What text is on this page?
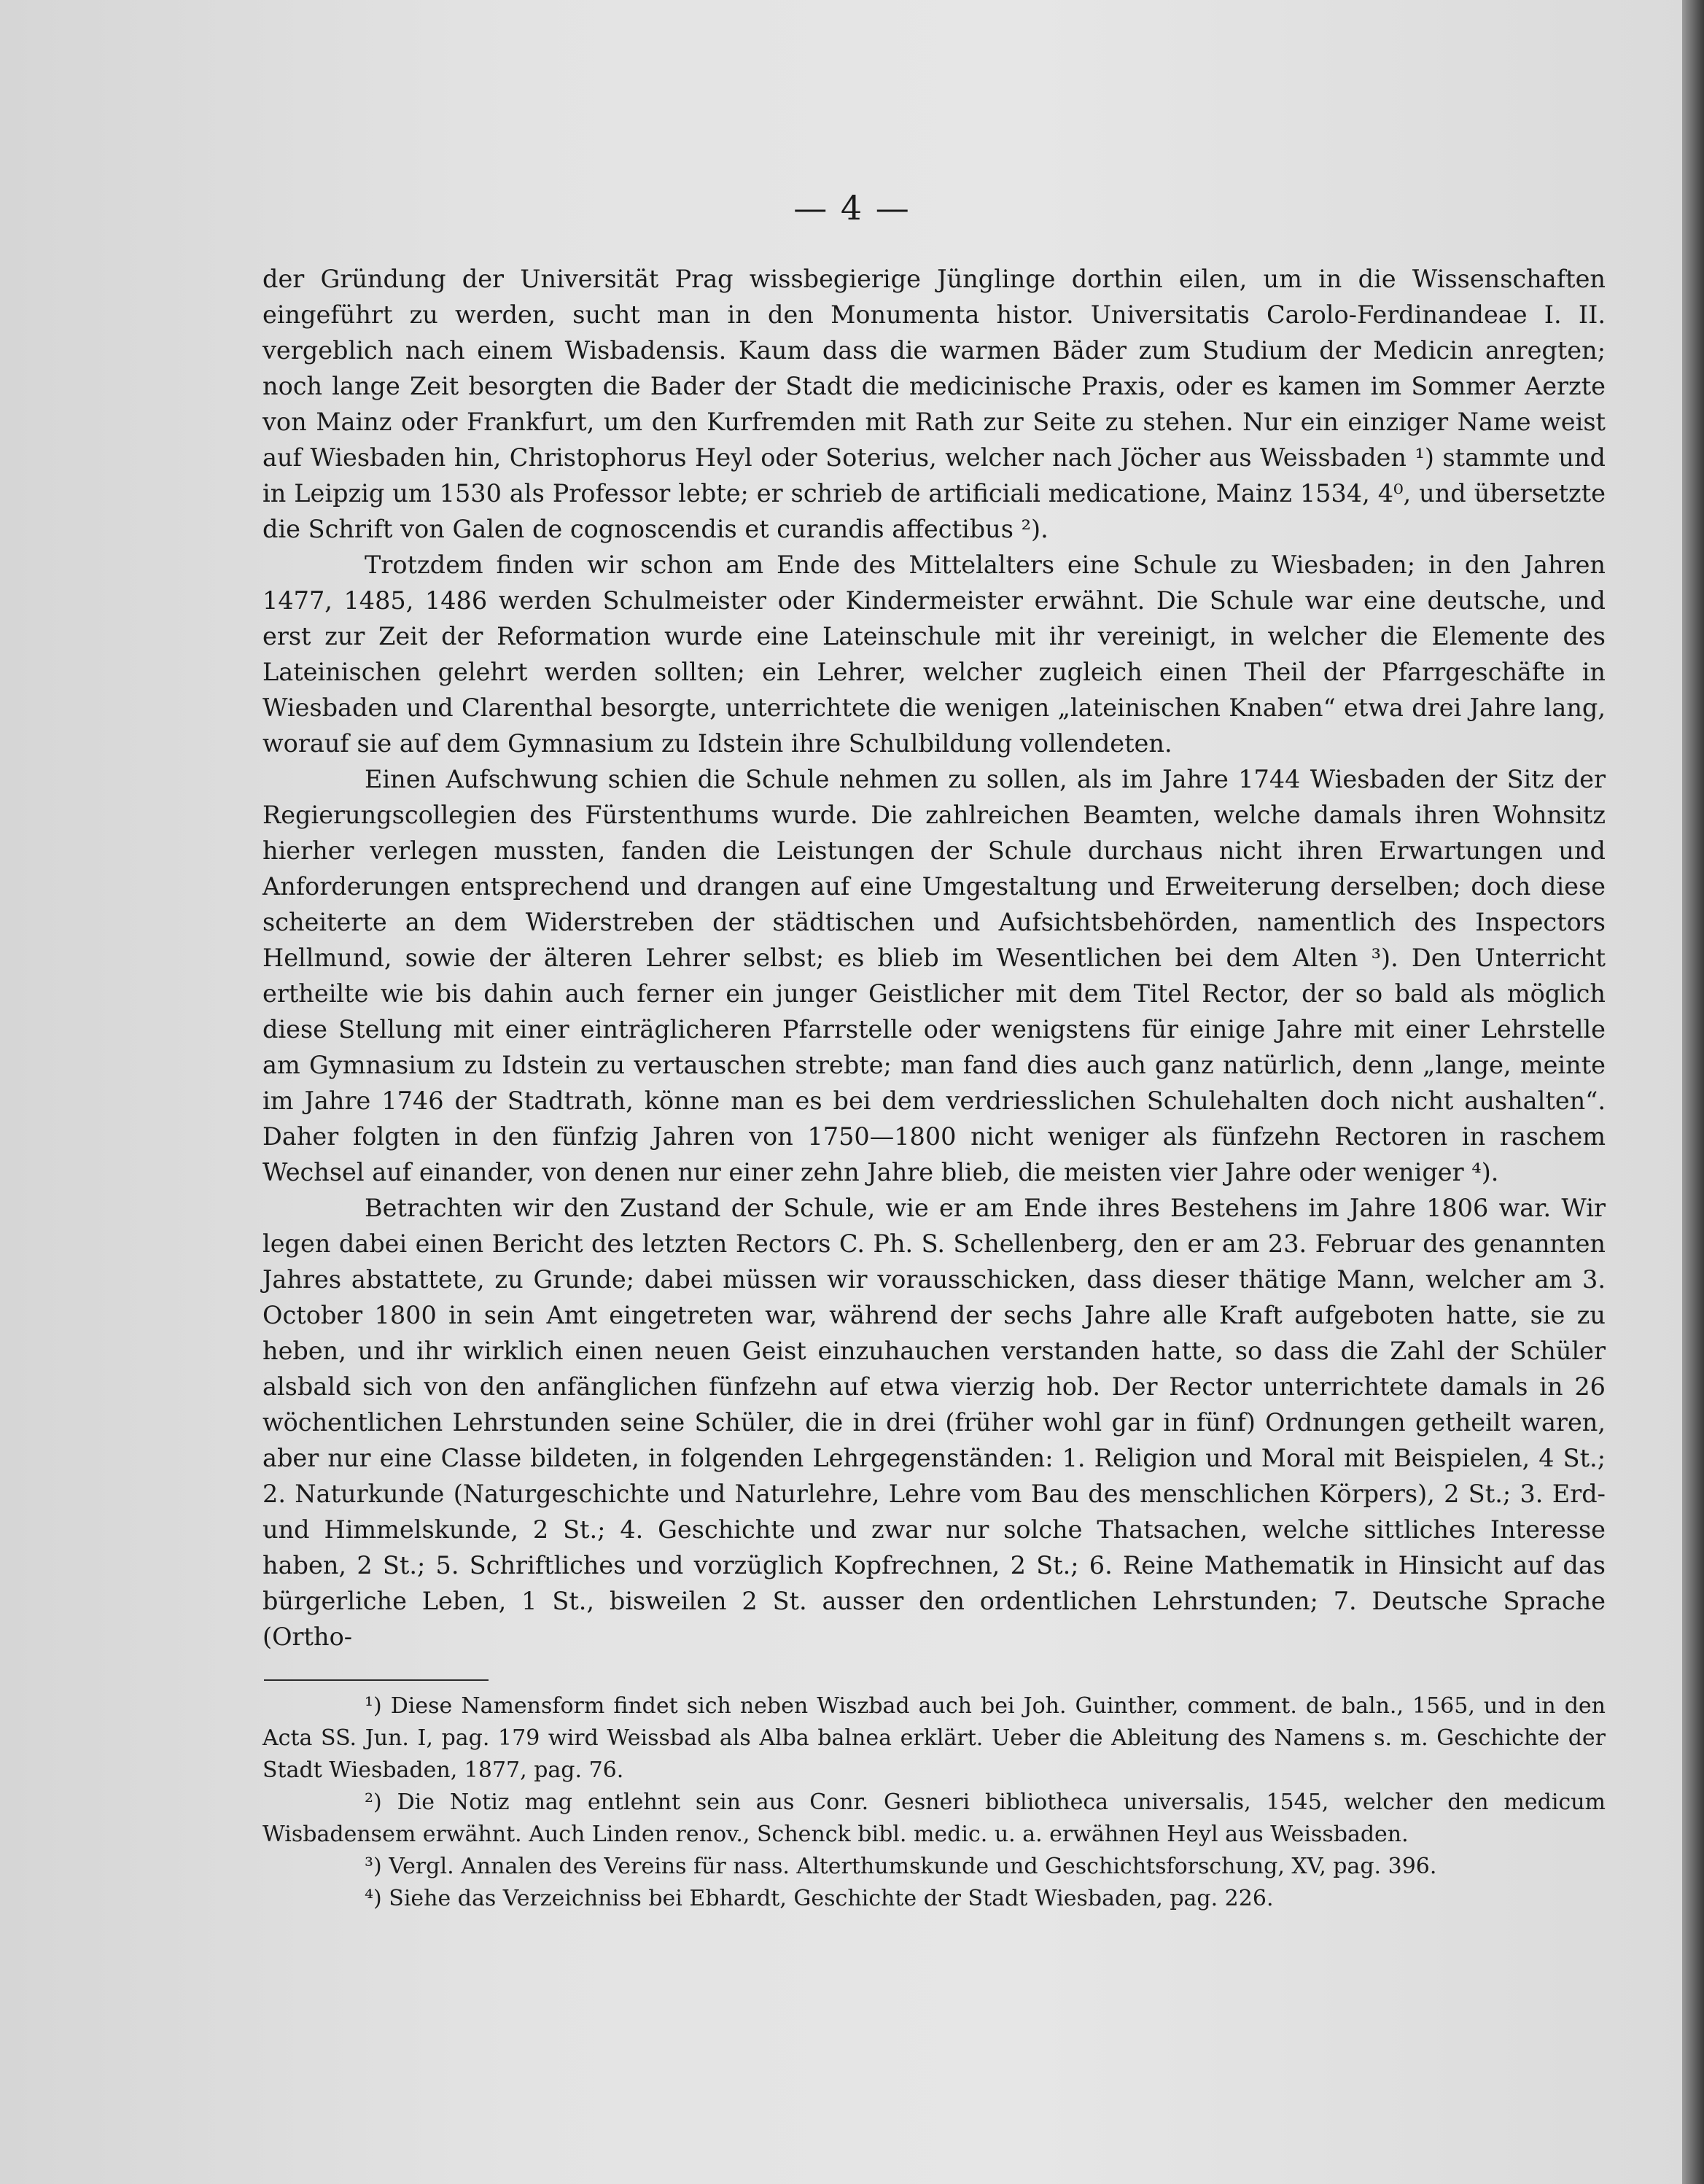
— 4 —

der Gründung der Universität Prag wissbegierige Jünglinge dorthin eilen, um in die Wissenschaften eingeführt zu werden, sucht man in den Monumenta histor. Universitatis Carolo-Ferdinandeae I. II. vergeblich nach einem Wisbadensis. Kaum dass die warmen Bäder zum Studium der Medicin anregten; noch lange Zeit besorgten die Bader der Stadt die medicinische Praxis, oder es kamen im Sommer Aerzte von Mainz oder Frankfurt, um den Kurfremden mit Rath zur Seite zu stehen. Nur ein einziger Name weist auf Wiesbaden hin, Christophorus Heyl oder Soterius, welcher nach Jöcher aus Weissbaden ¹) stammte und in Leipzig um 1530 als Professor lebte; er schrieb de artificiali medicatione, Mainz 1534, 4⁰, und übersetzte die Schrift von Galen de cognoscendis et curandis affectibus ²).

Trotzdem finden wir schon am Ende des Mittelalters eine Schule zu Wiesbaden; in den Jahren 1477, 1485, 1486 werden Schulmeister oder Kindermeister erwähnt. Die Schule war eine deutsche, und erst zur Zeit der Reformation wurde eine Lateinschule mit ihr vereinigt, in welcher die Elemente des Lateinischen gelehrt werden sollten; ein Lehrer, welcher zugleich einen Theil der Pfarrgeschäfte in Wiesbaden und Clarenthal besorgte, unterrichtete die wenigen „lateinischen Knaben“ etwa drei Jahre lang, worauf sie auf dem Gymnasium zu Idstein ihre Schulbildung vollendeten.

Einen Aufschwung schien die Schule nehmen zu sollen, als im Jahre 1744 Wiesbaden der Sitz der Regierungscollegien des Fürstenthums wurde. Die zahlreichen Beamten, welche damals ihren Wohnsitz hierher verlegen mussten, fanden die Leistungen der Schule durchaus nicht ihren Erwartungen und Anforderungen entsprechend und drangen auf eine Umgestaltung und Erweiterung derselben; doch diese scheiterte an dem Widerstreben der städtischen und Aufsichtsbehörden, namentlich des Inspectors Hellmund, sowie der älteren Lehrer selbst; es blieb im Wesentlichen bei dem Alten ³). Den Unterricht ertheilte wie bis dahin auch ferner ein junger Geistlicher mit dem Titel Rector, der so bald als möglich diese Stellung mit einer einträglicheren Pfarrstelle oder wenigstens für einige Jahre mit einer Lehrstelle am Gymnasium zu Idstein zu vertauschen strebte; man fand dies auch ganz natürlich, denn „lange, meinte im Jahre 1746 der Stadtrath, könne man es bei dem verdriesslichen Schulehalten doch nicht aushalten“. Daher folgten in den fünfzig Jahren von 1750—1800 nicht weniger als fünfzehn Rectoren in raschem Wechsel auf einander, von denen nur einer zehn Jahre blieb, die meisten vier Jahre oder weniger ⁴).

Betrachten wir den Zustand der Schule, wie er am Ende ihres Bestehens im Jahre 1806 war. Wir legen dabei einen Bericht des letzten Rectors C. Ph. S. Schellenberg, den er am 23. Februar des genannten Jahres abstattete, zu Grunde; dabei müssen wir vorausschicken, dass dieser thätige Mann, welcher am 3. October 1800 in sein Amt eingetreten war, während der sechs Jahre alle Kraft aufgeboten hatte, sie zu heben, und ihr wirklich einen neuen Geist einzuhauchen verstanden hatte, so dass die Zahl der Schüler alsbald sich von den anfänglichen fünfzehn auf etwa vierzig hob. Der Rector unterrichtete damals in 26 wöchentlichen Lehrstunden seine Schüler, die in drei (früher wohl gar in fünf) Ordnungen getheilt waren, aber nur eine Classe bildeten, in folgenden Lehrgegenständen: 1. Religion und Moral mit Beispielen, 4 St.; 2. Naturkunde (Naturgeschichte und Naturlehre, Lehre vom Bau des menschlichen Körpers), 2 St.; 3. Erd- und Himmelskunde, 2 St.; 4. Geschichte und zwar nur solche Thatsachen, welche sittliches Interesse haben, 2 St.; 5. Schriftliches und vorzüglich Kopfrechnen, 2 St.; 6. Reine Mathematik in Hinsicht auf das bürgerliche Leben, 1 St., bisweilen 2 St. ausser den ordentlichen Lehrstunden; 7. Deutsche Sprache (Ortho-

¹) Diese Namensform findet sich neben Wiszbad auch bei Joh. Guinther, comment. de baln., 1565, und in den Acta SS. Jun. I, pag. 179 wird Weissbad als Alba balnea erklärt. Ueber die Ableitung des Namens s. m. Geschichte der Stadt Wiesbaden, 1877, pag. 76.

²) Die Notiz mag entlehnt sein aus Conr. Gesneri bibliotheca universalis, 1545, welcher den medicum Wisbadensem erwähnt. Auch Linden renov., Schenck bibl. medic. u. a. erwähnen Heyl aus Weissbaden.

³) Vergl. Annalen des Vereins für nass. Alterthumskunde und Geschichtsforschung, XV, pag. 396.

⁴) Siehe das Verzeichniss bei Ebhardt, Geschichte der Stadt Wiesbaden, pag. 226.
